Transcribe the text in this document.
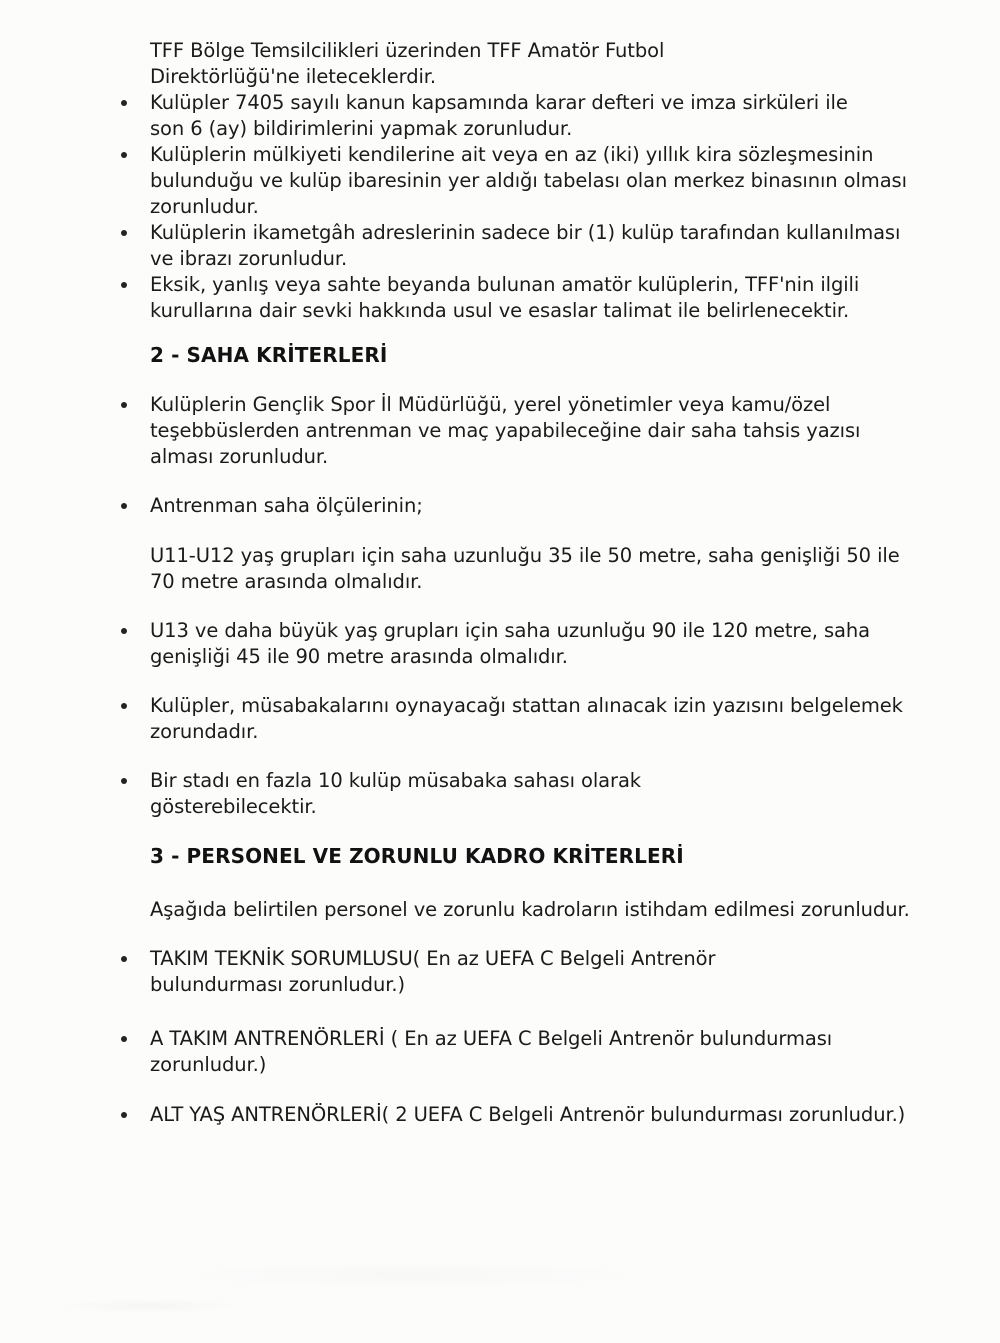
TFF Bölge Temsilcilikleri üzerinden TFF Amatör Futbol Direktörlüğü'ne ileteceklerdir.
Kulüpler 7405 sayılı kanun kapsamında karar defteri ve imza sirküleri ile son 6 (ay) bildirimlerini yapmak zorunludur.
Kulüplerin mülkiyeti kendilerine ait veya en az (iki) yıllık kira sözleşmesinin bulunduğu ve kulüp ibaresinin yer aldığı tabelası olan merkez binasının olması zorunludur.
Kulüplerin ikametgâh adreslerinin sadece bir (1) kulüp tarafından kullanılması ve ibrazı zorunludur.
Eksik, yanlış veya sahte beyanda bulunan amatör kulüplerin, TFF'nin ilgili kurullarına dair sevki hakkında usul ve esaslar talimat ile belirlenecektir.
2 - SAHA KRİTERLERİ
Kulüplerin Gençlik Spor İl Müdürlüğü, yerel yönetimler veya kamu/özel teşebbüslerden antrenman ve maç yapabileceğine dair saha tahsis yazısı alması zorunludur.
Antrenman saha ölçülerinin;
U11-U12 yaş grupları için saha uzunluğu 35 ile 50 metre, saha genişliği 50 ile 70 metre arasında olmalıdır.
U13 ve daha büyük yaş grupları için saha uzunluğu 90 ile 120 metre, saha genişliği 45 ile 90 metre arasında olmalıdır.
Kulüpler, müsabakalarını oynayacağı stattan alınacak izin yazısını belgelemek zorundadır.
Bir stadı en fazla 10 kulüp müsabaka sahası olarak gösterebilecektir.
3 - PERSONEL VE ZORUNLU KADRO KRİTERLERİ
Aşağıda belirtilen personel ve zorunlu kadroların istihdam edilmesi zorunludur.
TAKIM TEKNİK SORUMLUSU( En az UEFA C Belgeli Antrenör bulundurması zorunludur.)
A TAKIM ANTRENÖRLERİ ( En az UEFA C Belgeli Antrenör bulundurması zorunludur.)
ALT YAŞ ANTRENÖRLERİ( 2 UEFA C Belgeli Antrenör bulundurması zorunludur.)
